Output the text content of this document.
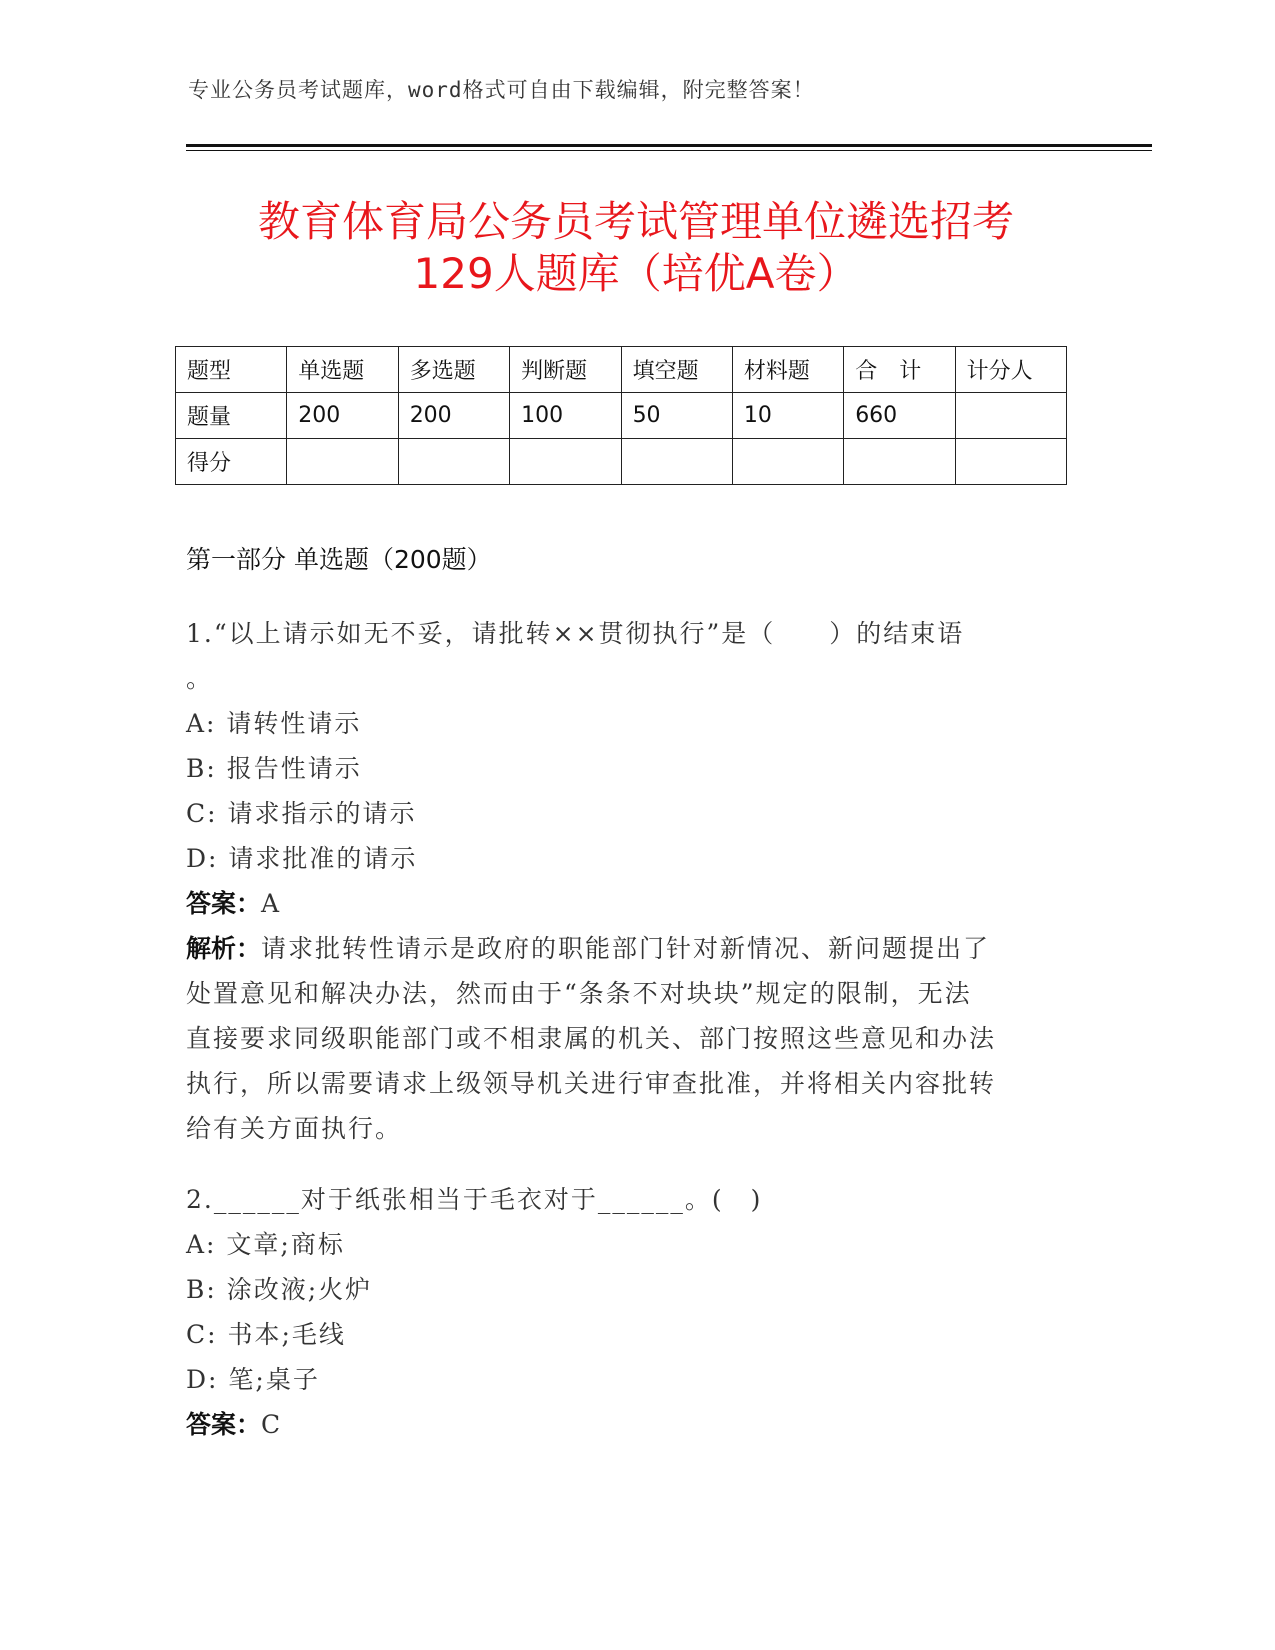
专业公务员考试题库，word格式可自由下载编辑，附完整答案！
教育体育局公务员考试管理单位遴选招考
129人题库（培优A卷）
题型	单选题	多选题	判断题	填空题	材料题	合　计	计分人
题量	200	200	100	50	10	660	
得分							
第一部分 单选题（200题）
1.“以上请示如无不妥，请批转××贯彻执行”是（　　）的结束语
。
A: 请转性请示
B: 报告性请示
C: 请求指示的请示
D: 请求批准的请示
答案：A
解析：请求批转性请示是政府的职能部门针对新情况、新问题提出了
处置意见和解决办法，然而由于“条条不对块块”规定的限制，无法
直接要求同级职能部门或不相隶属的机关、部门按照这些意见和办法
执行，所以需要请求上级领导机关进行审查批准，并将相关内容批转
给有关方面执行。
2.______对于纸张相当于毛衣对于______。(　)
A: 文章;商标
B: 涂改液;火炉
C: 书本;毛线
D: 笔;桌子
答案：C
